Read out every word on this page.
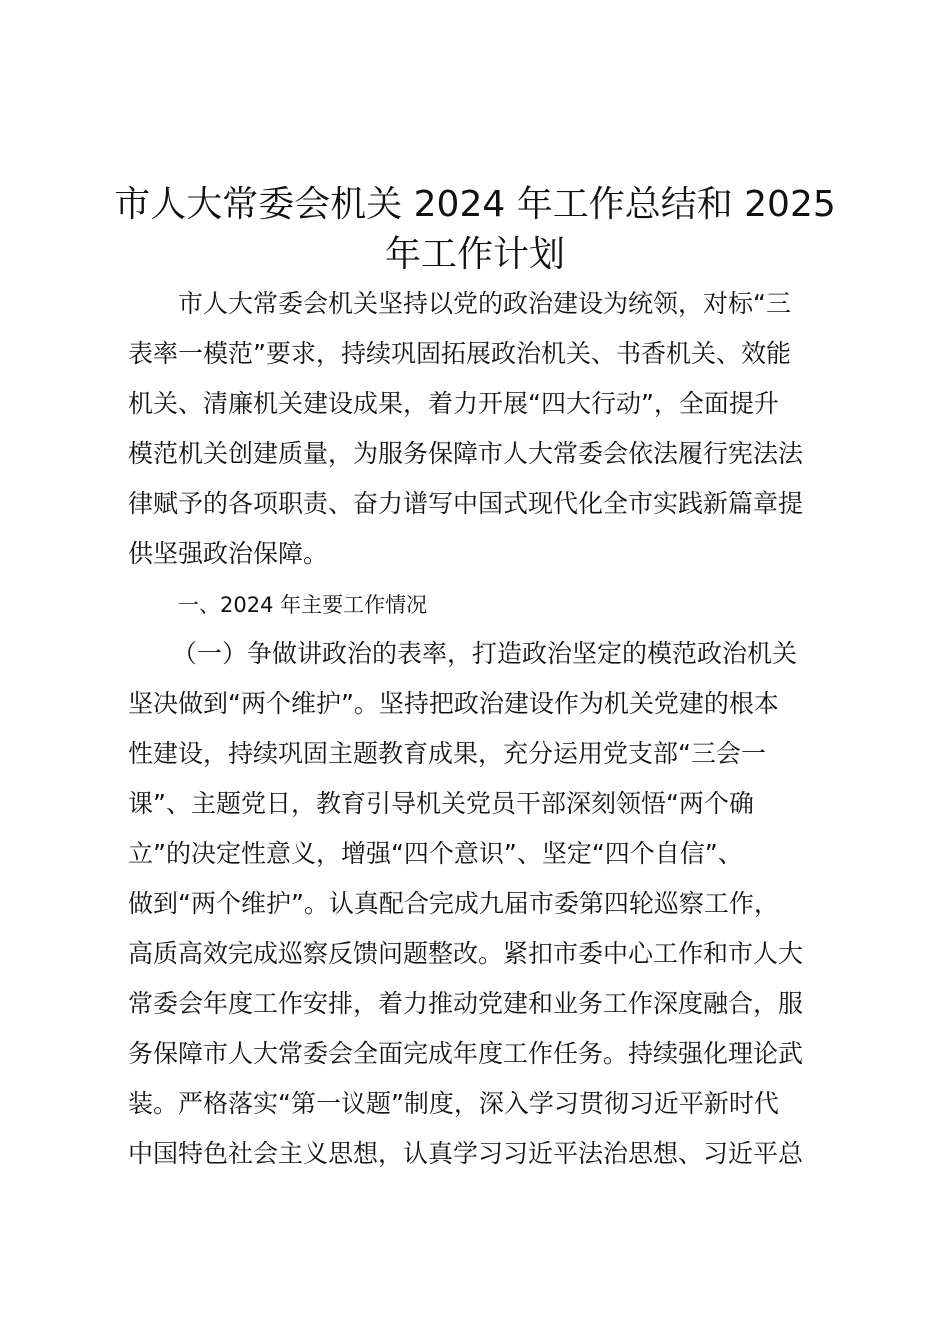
市人大常委会机关 2024 年工作总结和 2025
年工作计划
市人大常委会机关坚持以党的政治建设为统领，对标“三
表率一模范”要求，持续巩固拓展政治机关、书香机关、效能
机关、清廉机关建设成果，着力开展“四大行动”，全面提升
模范机关创建质量，为服务保障市人大常委会依法履行宪法法
律赋予的各项职责、奋力谱写中国式现代化全市实践新篇章提
供坚强政治保障。
一、2024 年主要工作情况
（一）争做讲政治的表率，打造政治坚定的模范政治机关
坚决做到“两个维护”。坚持把政治建设作为机关党建的根本
性建设，持续巩固主题教育成果，充分运用党支部“三会一
课”、主题党日，教育引导机关党员干部深刻领悟“两个确
立”的决定性意义，增强“四个意识”、坚定“四个自信”、
做到“两个维护”。认真配合完成九届市委第四轮巡察工作，
高质高效完成巡察反馈问题整改。紧扣市委中心工作和市人大
常委会年度工作安排，着力推动党建和业务工作深度融合，服
务保障市人大常委会全面完成年度工作任务。持续强化理论武
装。严格落实“第一议题”制度，深入学习贯彻习近平新时代
中国特色社会主义思想，认真学习习近平法治思想、习近平总
